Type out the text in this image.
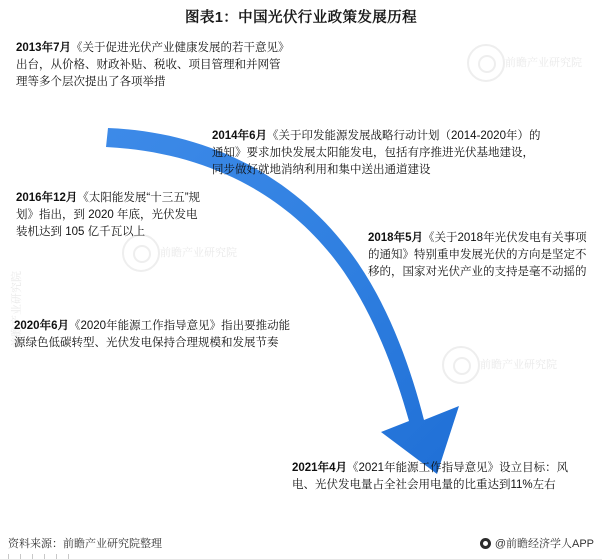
图表1：中国光伏行业政策发展历程
前瞻产业研究院
前瞻产业研究院
前瞻产业研究院
前瞻产业研究院
2013年7月《关于促进光伏产业健康发展的若干意见》出台，从价格、财政补贴、税收、项目管理和并网管理等多个层次提出了各项举措
2014年6月《关于印发能源发展战略行动计划（2014-2020年）的通知》要求加快发展太阳能发电，包括有序推进光伏基地建设，同步做好就地消纳利用和集中送出通道建设
2016年12月《太阳能发展“十三五”规划》指出，到 2020 年底，光伏发电装机达到 105 亿千瓦以上	2018年5月《关于2018年光伏发电有关事项的通知》特别重申发展光伏的方向是坚定不移的，国家对光伏产业的支持是毫不动摇的
2020年6月《2020年能源工作指导意见》指出要推动能源绿色低碳转型、光伏发电保持合理规模和发展节奏
2021年4月《2021年能源工作指导意见》设立目标：风电、光伏发电量占全社会用电量的比重达到11%左右
资料来源：前瞻产业研究院整理	@前瞻经济学人APP
